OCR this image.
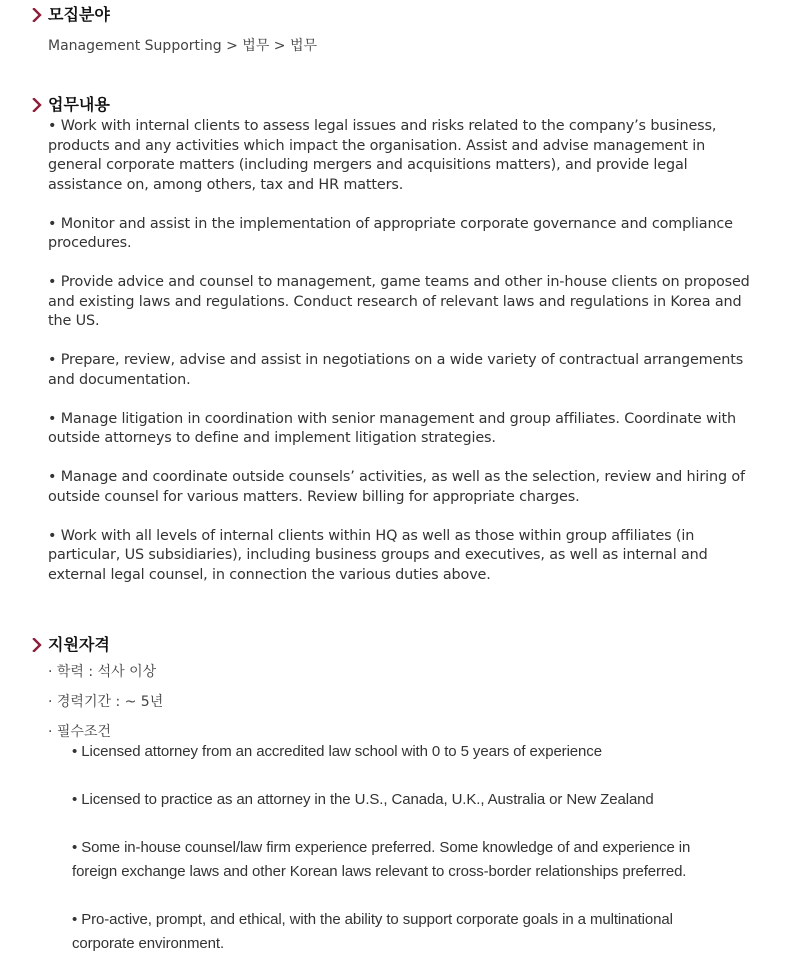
모집분야
Management Supporting > 법무 > 법무
업무내용
• Work with internal clients to assess legal issues and risks related to the company’s business, products and any activities which impact the organisation. Assist and advise management in general corporate matters (including mergers and acquisitions matters), and provide legal assistance on, among others, tax and HR matters.
• Monitor and assist in the implementation of appropriate corporate governance and compliance procedures.
• Provide advice and counsel to management, game teams and other in-house clients on proposed and existing laws and regulations. Conduct research of relevant laws and regulations in Korea and the US.
• Prepare, review, advise and assist in negotiations on a wide variety of contractual arrangements and documentation.
• Manage litigation in coordination with senior management and group affiliates. Coordinate with outside attorneys to define and implement litigation strategies.
• Manage and coordinate outside counsels’ activities, as well as the selection, review and hiring of outside counsel for various matters. Review billing for appropriate charges.
• Work with all levels of internal clients within HQ as well as those within group affiliates (in particular, US subsidiaries), including business groups and executives, as well as internal and external legal counsel, in connection the various duties above.
지원자격
· 학력 : 석사 이상
· 경력기간 : ~ 5년
· 필수조건
• Licensed attorney from an accredited law school with 0 to 5 years of experience
• Licensed to practice as an attorney in the U.S., Canada, U.K., Australia or New Zealand
• Some in-house counsel/law firm experience preferred. Some knowledge of and experience in foreign exchange laws and other Korean laws relevant to cross-border relationships preferred.
• Pro-active, prompt, and ethical, with the ability to support corporate goals in a multinational corporate environment.
